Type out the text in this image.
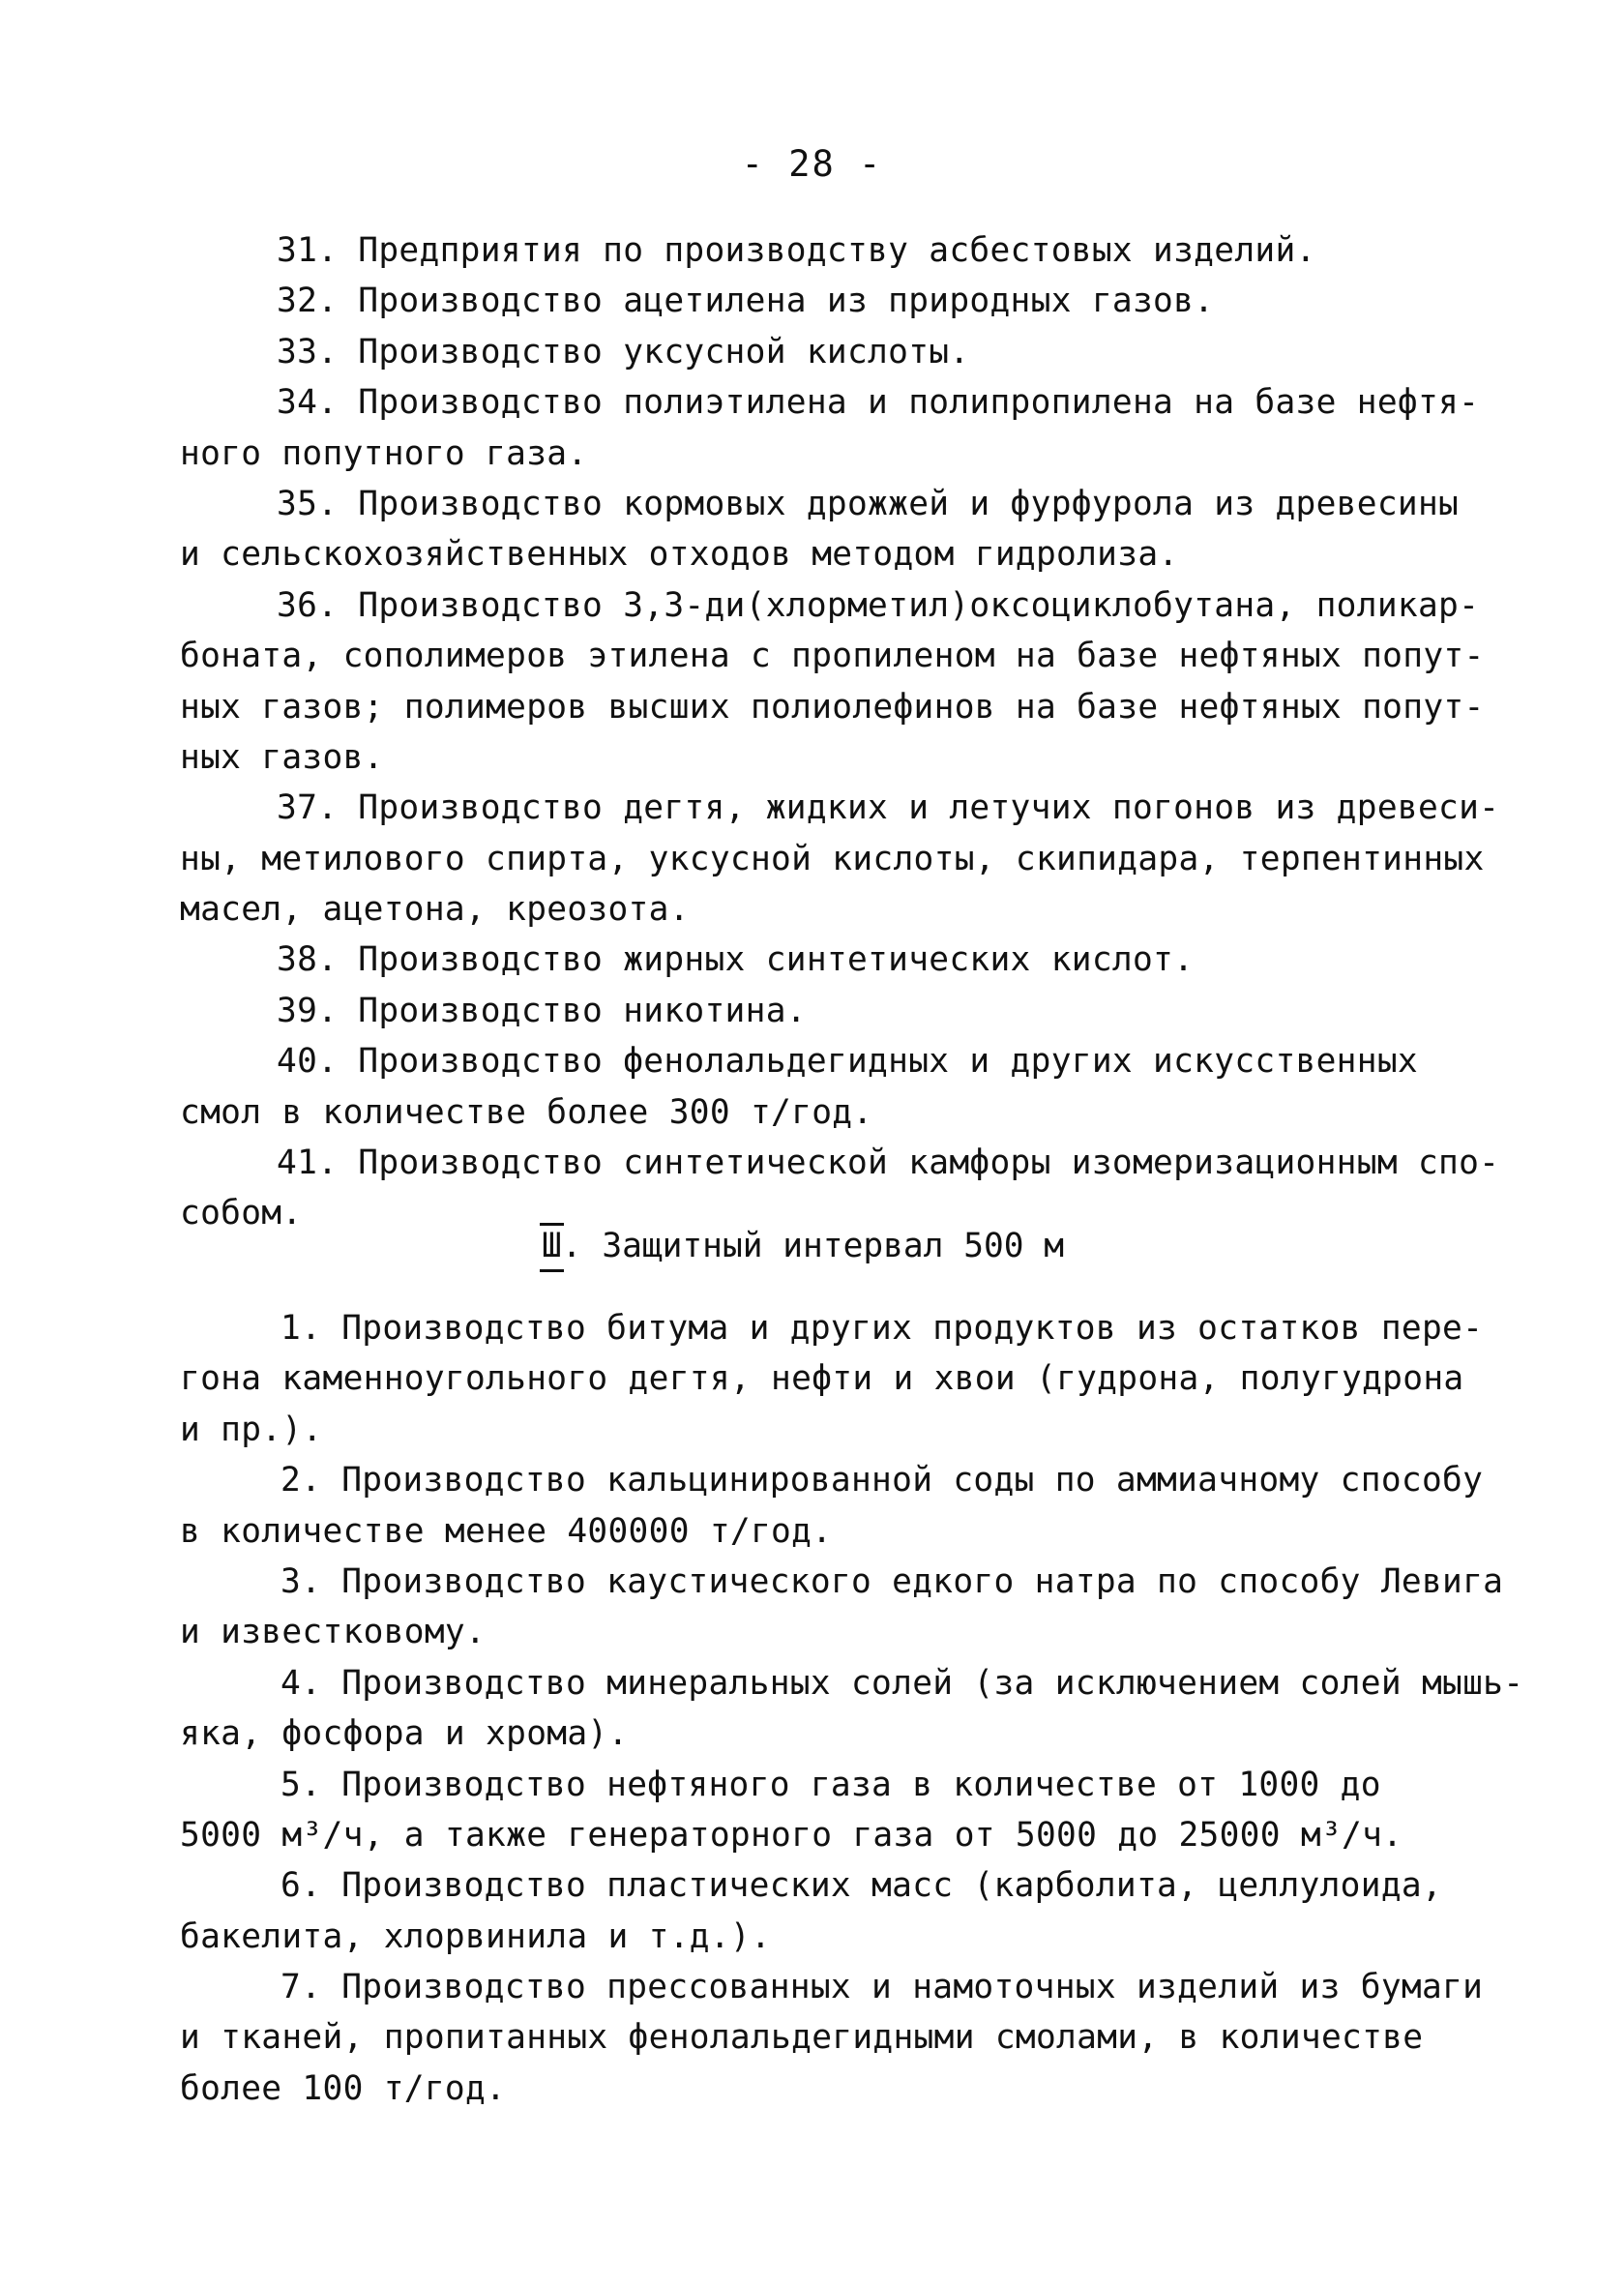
- 28 -
31. Предприятия по производству асбестовых изделий.
32. Производство ацетилена из природных газов.
33. Производство уксусной кислоты.
34. Производство полиэтилена и полипропилена на базе нефтя-
ного попутного газа.
35. Производство кормовых дрожжей и фурфурола из древесины
и сельскохозяйственных отходов методом гидролиза.
36. Производство 3,3-ди(хлорметил)оксоциклобутана, поликар-
боната, сополимеров этилена с пропиленом на базе нефтяных попут-
ных газов; полимеров высших полиолефинов на базе нефтяных попут-
ных газов.
37. Производство дегтя, жидких и летучих погонов из древеси-
ны, метилового спирта, уксусной кислоты, скипидара, терпентинных
масел, ацетона, креозота.
38. Производство жирных синтетических кислот.
39. Производство никотина.
40. Производство фенолальдегидных и других искусственных
смол в количестве более 300 т/год.
41. Производство синтетической камфоры изомеризационным спо-
собом.
Ш. Защитный интервал 500 м
1. Производство битума и других продуктов из остатков пере-
гона каменноугольного дегтя, нефти и хвои (гудрона, полугудрона
и пр.).
2. Производство кальцинированной соды по аммиачному способу
в количестве менее 400000 т/год.
3. Производство каустического едкого натра по способу Левига
и известковому.
4. Производство минеральных солей (за исключением солей мышь-
яка, фосфора и хрома).
5. Производство нефтяного газа в количестве от 1000 до
5000 м³/ч, а также генераторного газа от 5000 до 25000 м³/ч.
6. Производство пластических масс (карболита, целлулоида,
бакелита, хлорвинила и т.д.).
7. Производство прессованных и намоточных изделий из бумаги
и тканей, пропитанных фенолальдегидными смолами, в количестве
более 100 т/год.
